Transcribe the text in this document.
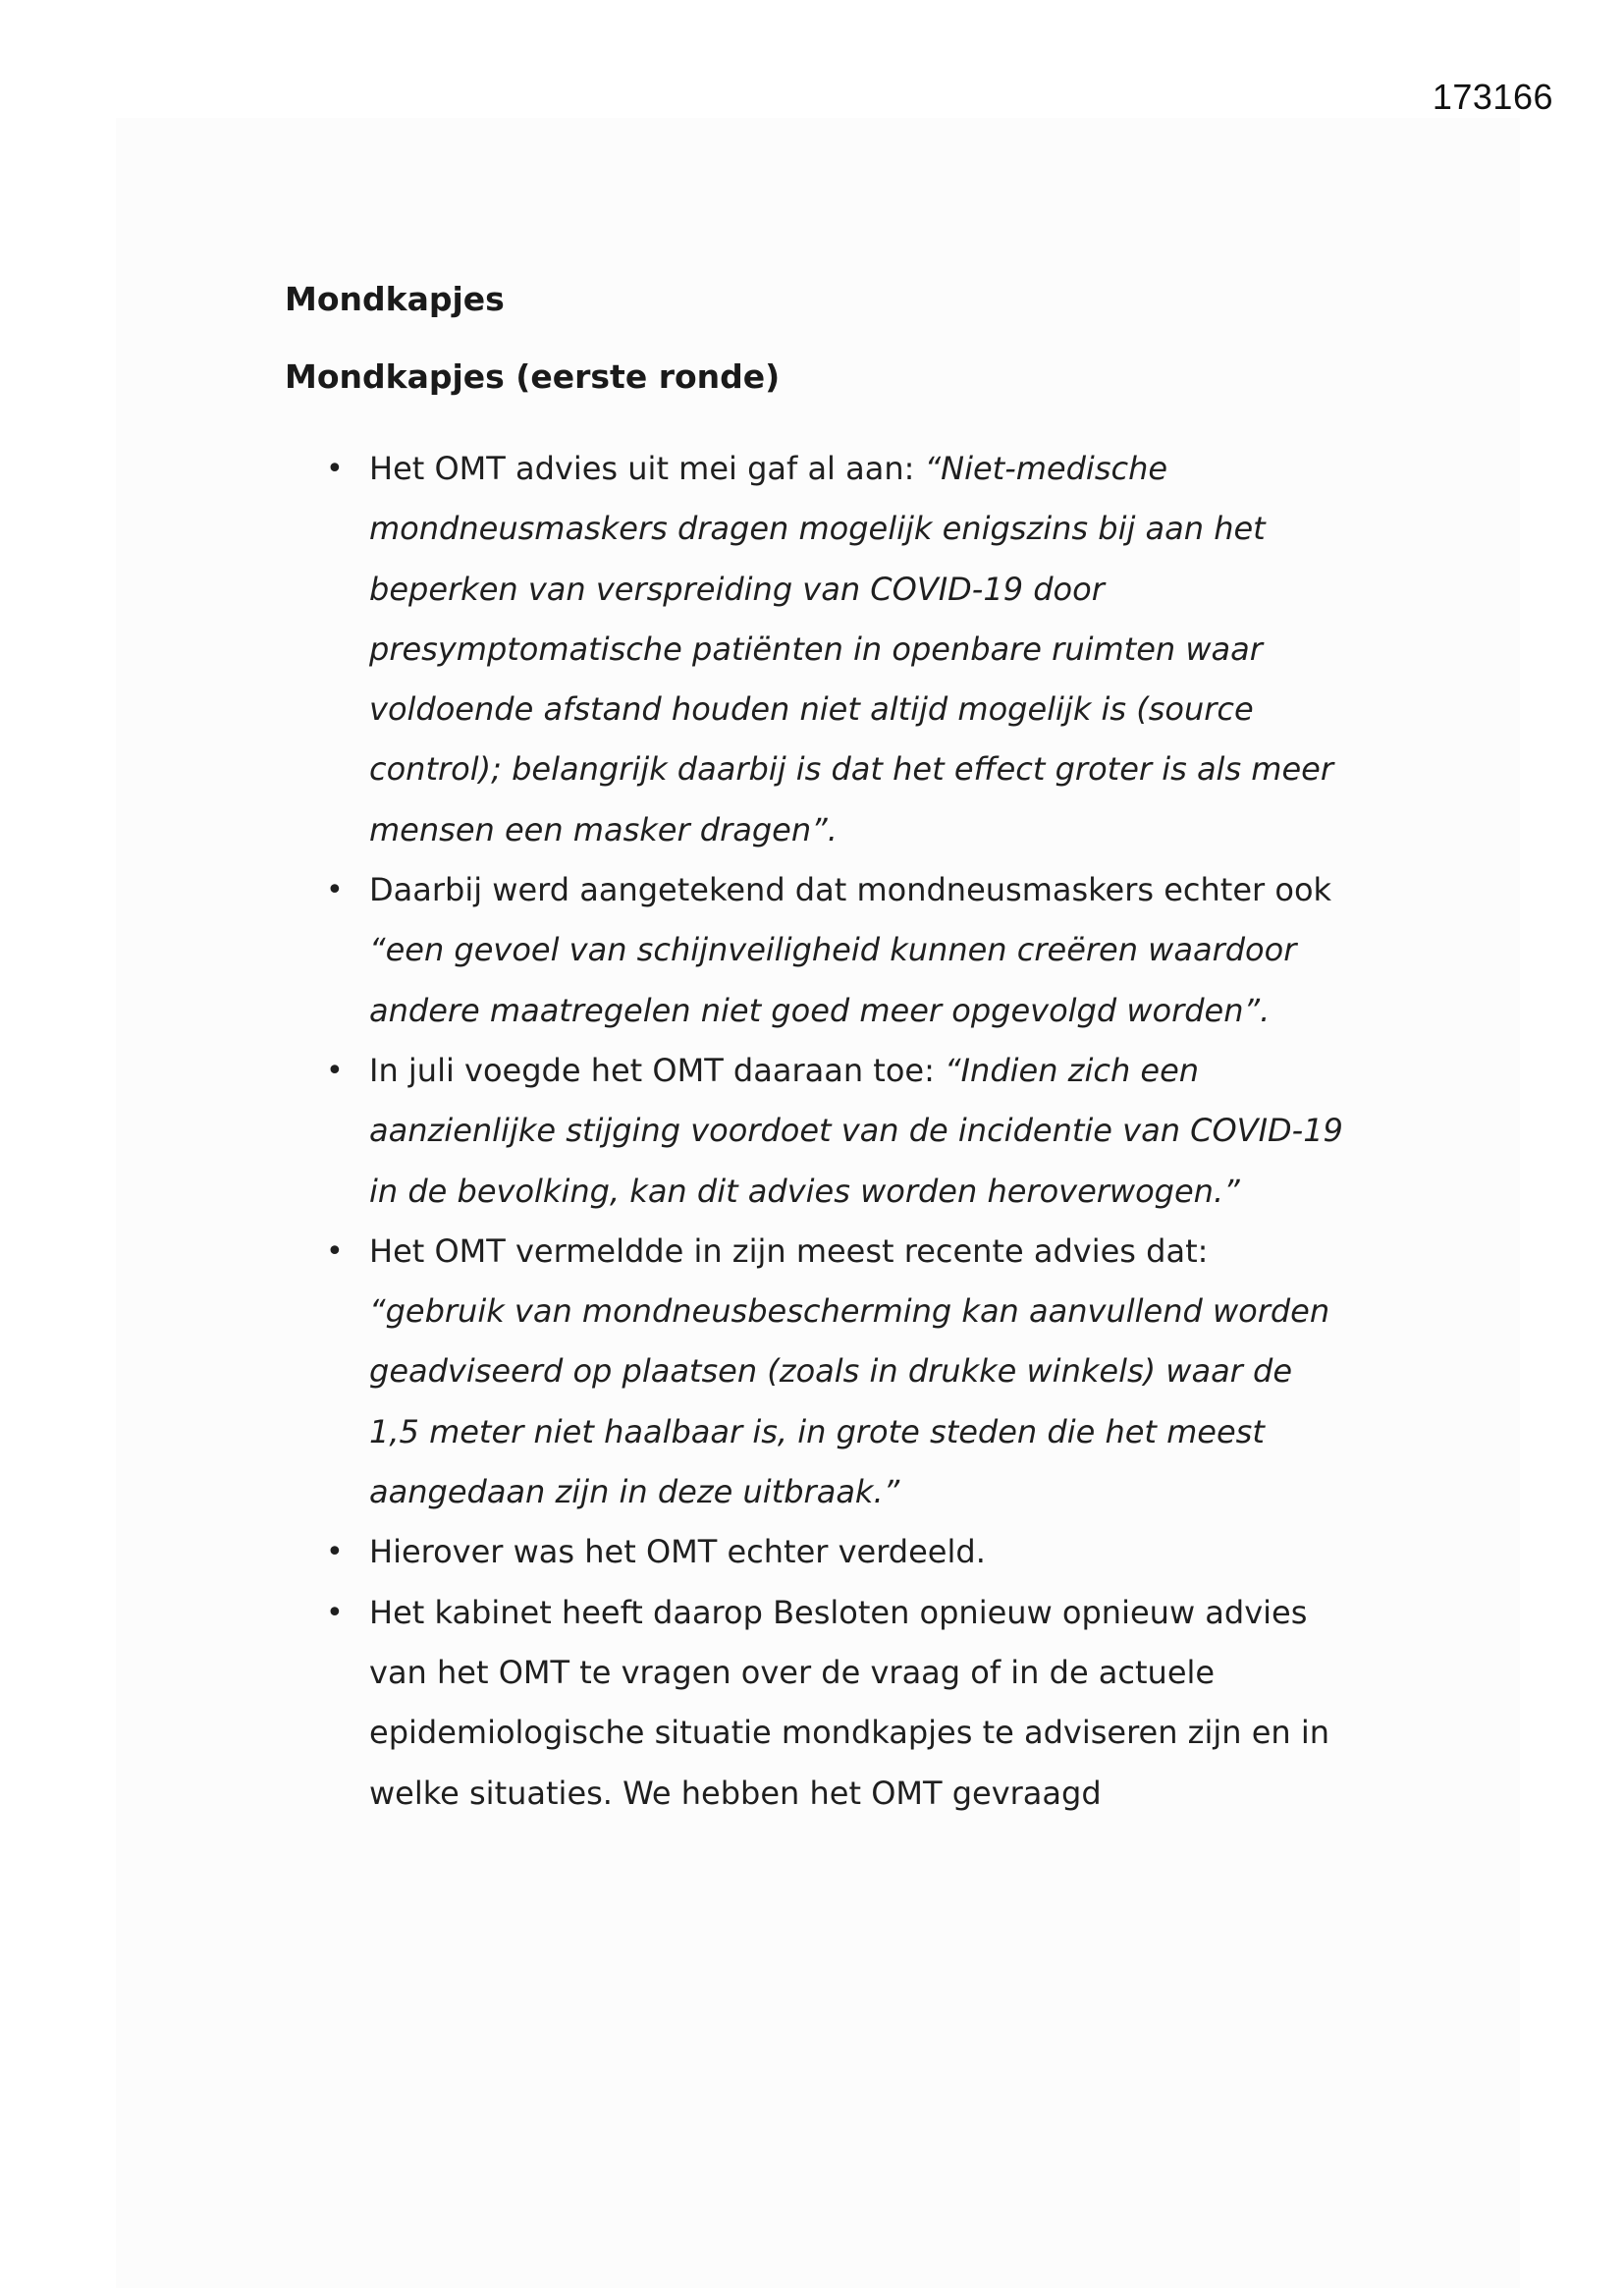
173166
Mondkapjes
Mondkapjes (eerste ronde)
• Het OMT advies uit mei gaf al aan: “Niet-medische mondneusmaskers dragen mogelijk enigszins bij aan het beperken van verspreiding van COVID-19 door presymptomatische patiënten in openbare ruimten waar voldoende afstand houden niet altijd mogelijk is (source control); belangrijk daarbij is dat het effect groter is als meer mensen een masker dragen”.
• Daarbij werd aangetekend dat mondneusmaskers echter ook “een gevoel van schijnveiligheid kunnen creëren waardoor andere maatregelen niet goed meer opgevolgd worden”.
• In juli voegde het OMT daaraan toe: “Indien zich een aanzienlijke stijging voordoet van de incidentie van COVID-19 in de bevolking, kan dit advies worden heroverwogen.”
• Het OMT vermeldde in zijn meest recente advies dat: “gebruik van mondneusbescherming kan aanvullend worden geadviseerd op plaatsen (zoals in drukke winkels) waar de 1,5 meter niet haalbaar is, in grote steden die het meest aangedaan zijn in deze uitbraak.”
• Hierover was het OMT echter verdeeld.
• Het kabinet heeft daarop Besloten opnieuw opnieuw advies van het OMT te vragen over de vraag of in de actuele epidemiologische situatie mondkapjes te adviseren zijn en in welke situaties. We hebben het OMT gevraagd
